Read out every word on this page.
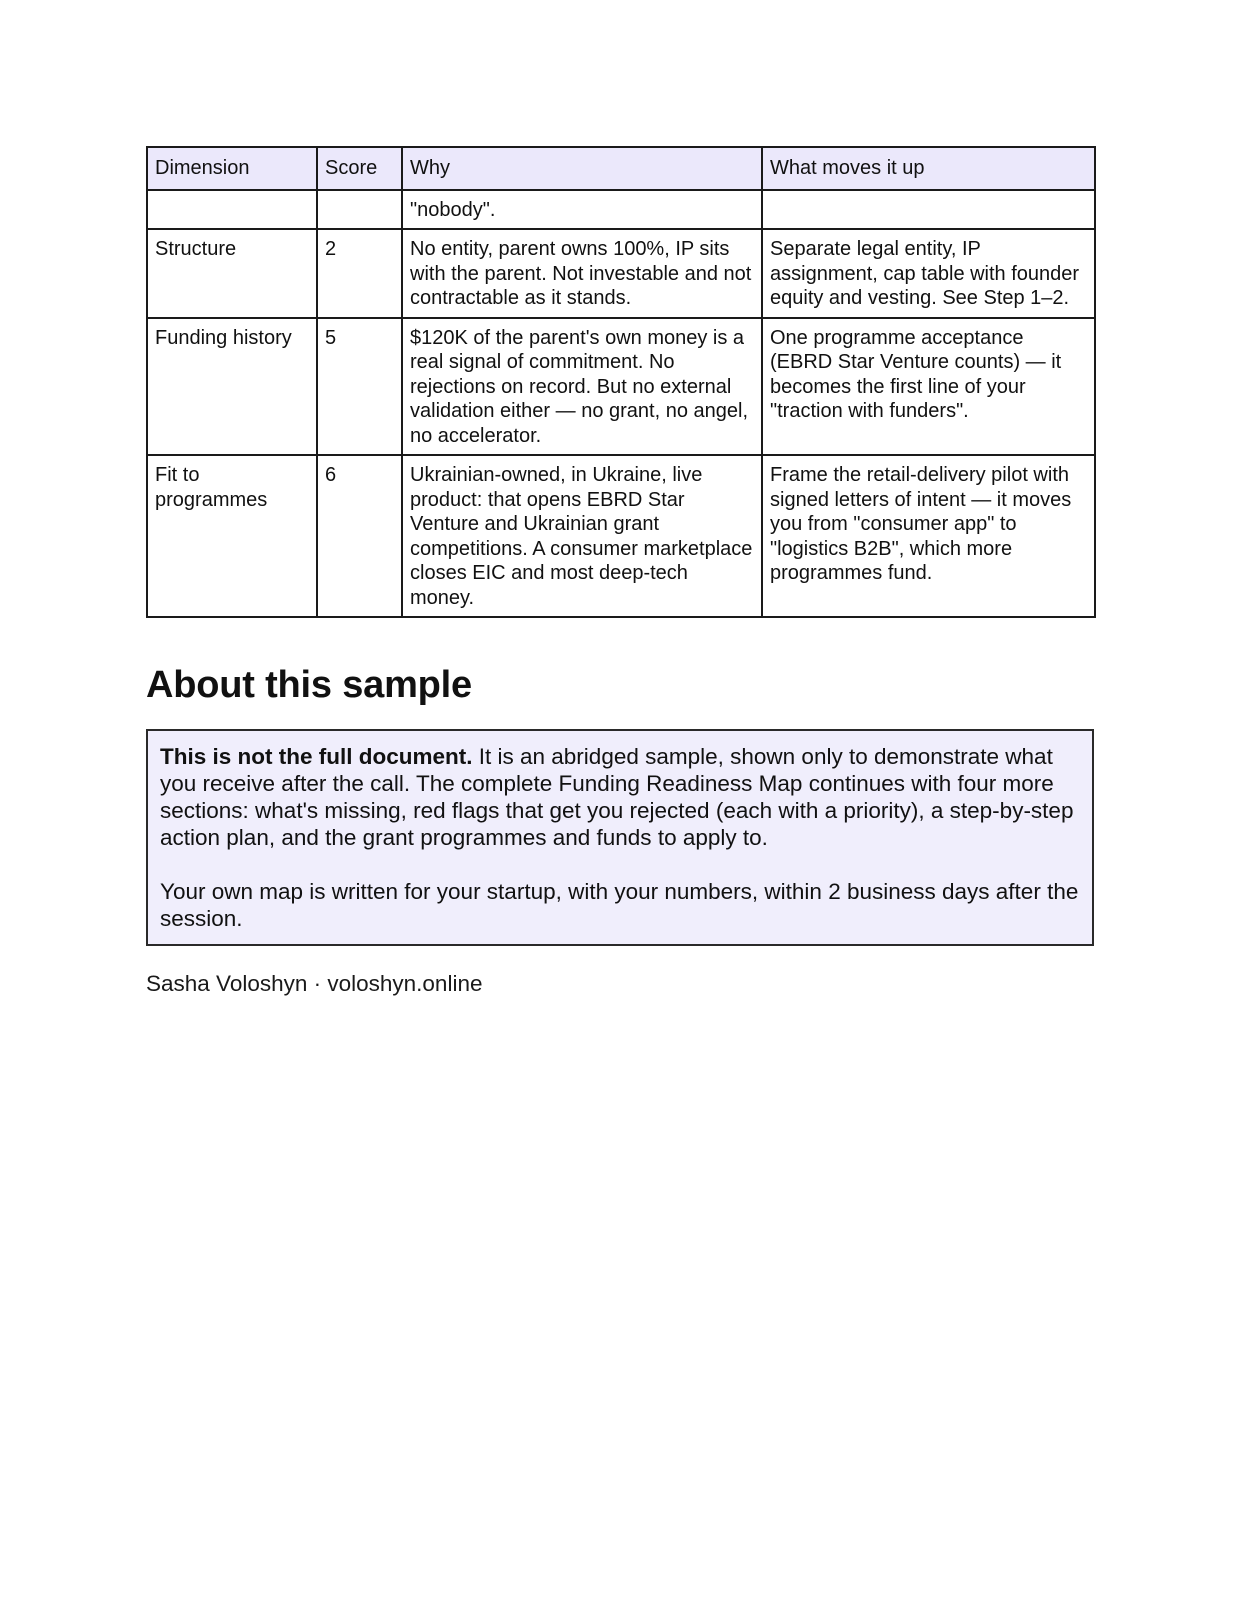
Dimension	Score	Why	What moves it up
		"nobody".	
Structure	2	No entity, parent owns 100%, IP sits with the parent. Not investable and not contractable as it stands.	Separate legal entity, IP assignment, cap table with founder equity and vesting. See Step 1–2.
Funding history	5	$120K of the parent's own money is a real signal of commitment. No rejections on record. But no external validation either — no grant, no angel, no accelerator.	One programme acceptance (EBRD Star Venture counts) — it becomes the first line of your "traction with funders".
Fit to programmes	6	Ukrainian-owned, in Ukraine, live product: that opens EBRD Star Venture and Ukrainian grant competitions. A consumer marketplace closes EIC and most deep-tech money.	Frame the retail-delivery pilot with signed letters of intent — it moves you from "consumer app" to "logistics B2B", which more programmes fund.
About this sample

This is not the full document. It is an abridged sample, shown only to demonstrate what you receive after the call. The complete Funding Readiness Map continues with four more sections: what's missing, red flags that get you rejected (each with a priority), a step-by-step action plan, and the grant programmes and funds to apply to.

Your own map is written for your startup, with your numbers, within 2 business days after the session.

Sasha Voloshyn · voloshyn.online
